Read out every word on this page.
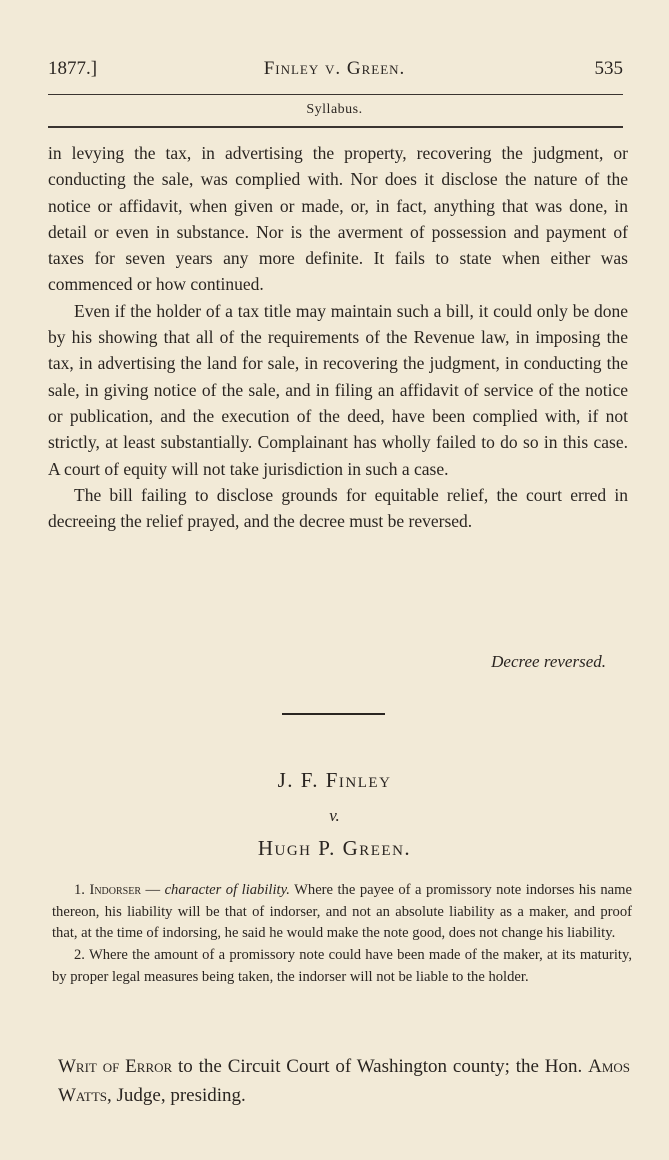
1877.]	Finley v. Green.	535
Syllabus.

in levying the tax, in advertising the property, recovering the judgment, or conducting the sale, was complied with. Nor does it disclose the nature of the notice or affidavit, when given or made, or, in fact, anything that was done, in detail or even in substance. Nor is the averment of possession and payment of taxes for seven years any more definite. It fails to state when either was commenced or how continued.

Even if the holder of a tax title may maintain such a bill, it could only be done by his showing that all of the requirements of the Revenue law, in imposing the tax, in advertising the land for sale, in recovering the judgment, in conducting the sale, in giving notice of the sale, and in filing an affidavit of service of the notice or publication, and the execution of the deed, have been complied with, if not strictly, at least substantially. Complainant has wholly failed to do so in this case. A court of equity will not take jurisdiction in such a case.

The bill failing to disclose grounds for equitable relief, the court erred in decreeing the relief prayed, and the decree must be reversed.

Decree reversed.
J. F. Finley
v.
Hugh P. Green.

1. Indorser — character of liability. Where the payee of a promissory note indorses his name thereon, his liability will be that of indorser, and not an absolute liability as a maker, and proof that, at the time of indorsing, he said he would make the note good, does not change his liability.

2. Where the amount of a promissory note could have been made of the maker, at its maturity, by proper legal measures being taken, the indorser will not be liable to the holder.

Writ of Error to the Circuit Court of Washington county; the Hon. Amos Watts, Judge, presiding.
